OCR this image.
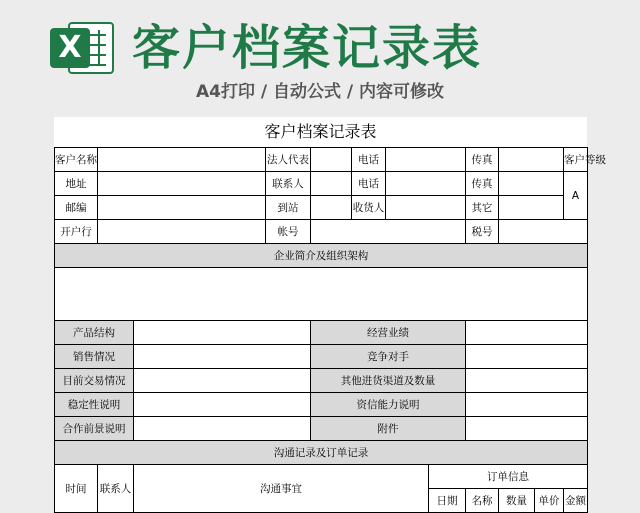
X 客户档案记录表
A4打印 / 自动公式 / 内容可修改
客户档案记录表
客户名称			法人代表		电话			传真			客户等级
地址			联系人		电话			传真			A
邮编			到站		收货人			其它			
开户行			帐号					税号			
企业简介及组织架构											

产品结构				经营业绩							
销售情况				竞争对手							
目前交易情况				其他进货渠道及数量							
稳定性说明				资信能力说明							
合作前景说明				附件							
沟通记录及订单记录											
时间	联系人	沟通事宜					订单信息				
							日期	名称	数量	单价	金额
